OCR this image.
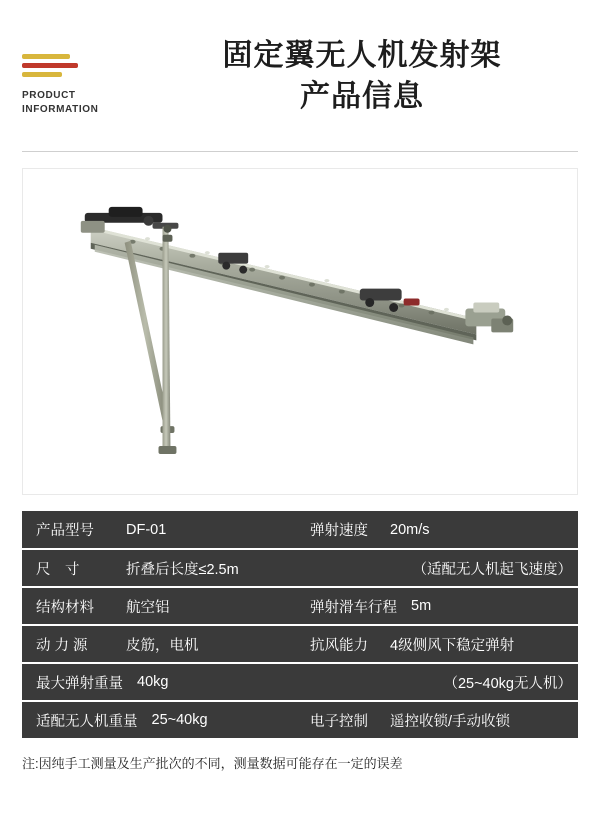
PRODUCT
INFORMATION
固定翼无人机发射架
产品信息
产品型号 DF-01	弹射速度 20m/s

尺　寸 折叠后长度≤2.5m	（适配无人机起飞速度）

结构材料 航空铝	弹射滑车行程 5m

动 力 源 皮筋，电机	抗风能力 4级侧风下稳定弹射

最大弹射重量 40kg	（25~40kg无人机）

适配无人机重量 25~40kg	电子控制 遥控收锁/手动收锁
注:因纯手工测量及生产批次的不同，测量数据可能存在一定的误差
